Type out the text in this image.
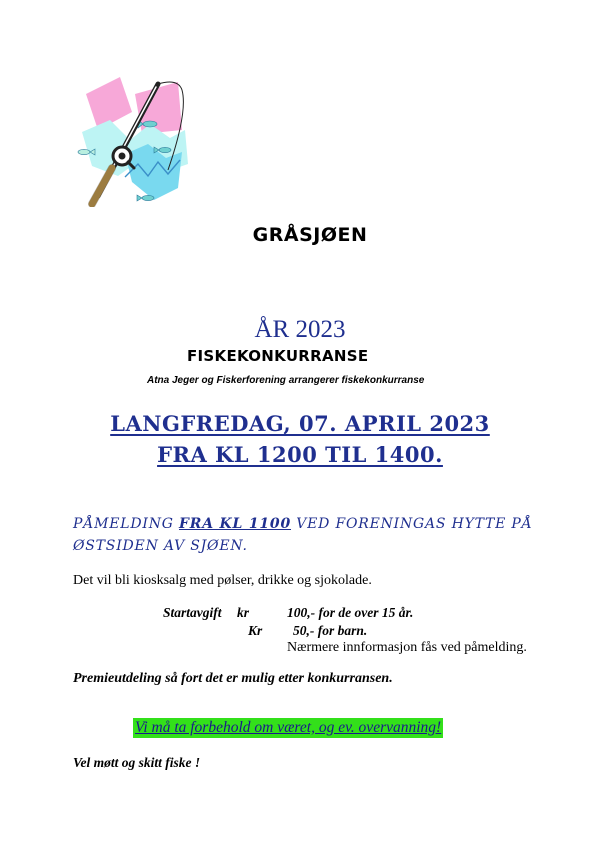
GRÅSJØEN
ÅR 2023
FISKEKONKURRANSE
Atna Jeger og Fiskerforening arrangerer fiskekonkurranse
LANGFREDAG, 07. APRIL 2023
FRA KL 1200 TIL 1400.
PÅMELDING FRA KL 1100 VED FORENINGAS HYTTE PÅ ØSTSIDEN AV SJØEN.
Det vil bli kiosksalg med pølser, drikke og sjokolade.
Startavgift kr	100,- for de over 15 år.
Kr 50,- for barn.
Nærmere innformasjon fås ved påmelding.
Premieutdeling så fort det er mulig etter konkurransen.
Vi må ta forbehold om været, og ev. overvanning!
Vel møtt og skitt fiske !
